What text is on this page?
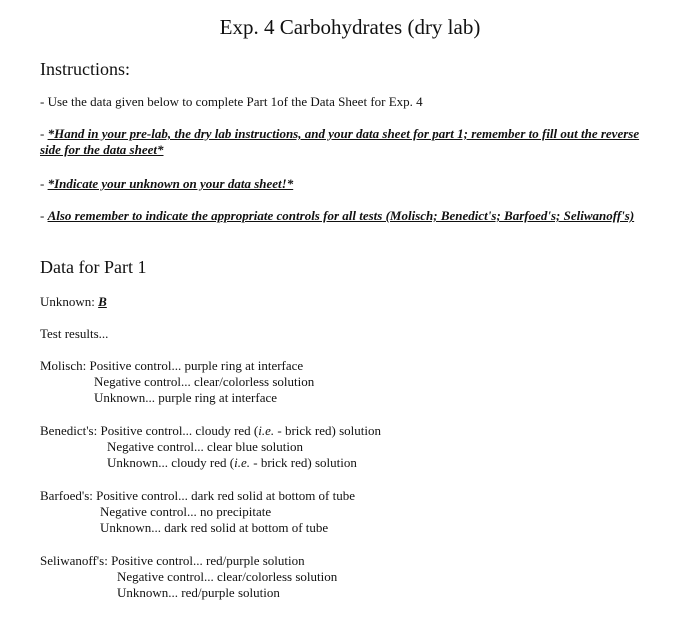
Exp. 4 Carbohydrates (dry lab)
Instructions:
- Use the data given below to complete Part 1of the Data Sheet for Exp. 4
- *Hand in your pre-lab, the dry lab instructions, and your data sheet for part 1; remember to fill out the reverse side for the data sheet*
- *Indicate your unknown on your data sheet!*
- Also remember to indicate the appropriate controls for all tests (Molisch; Benedict's; Barfoed's; Seliwanoff's)
Data for Part 1
Unknown: B
Test results...
Molisch: Positive control... purple ring at interface
Negative control... clear/colorless solution
Unknown... purple ring at interface
Benedict's: Positive control... cloudy red (i.e. - brick red) solution
Negative control... clear blue solution
Unknown... cloudy red (i.e. - brick red) solution
Barfoed's: Positive control... dark red solid at bottom of tube
Negative control... no precipitate
Unknown... dark red solid at bottom of tube
Seliwanoff's: Positive control... red/purple solution
Negative control... clear/colorless solution
Unknown... red/purple solution
